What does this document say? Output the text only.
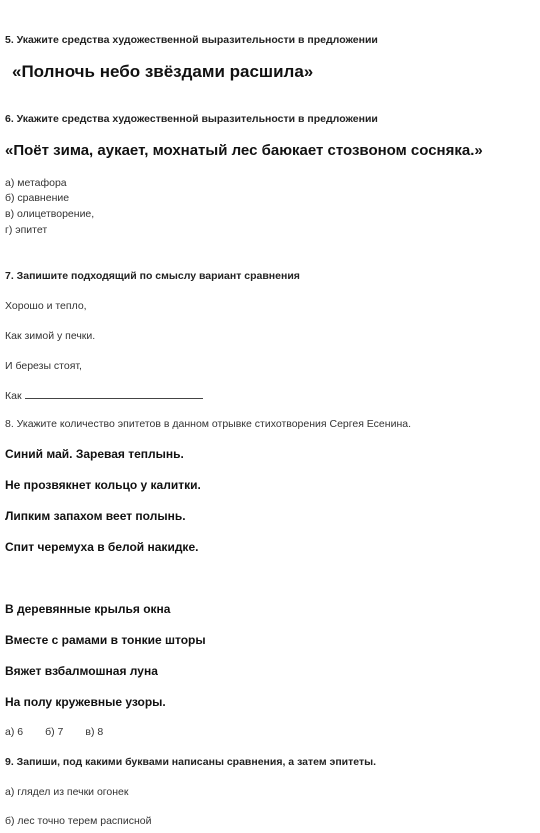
5. Укажите средства художественной выразительности в предложении
«Полночь небо звёздами расшила»
6. Укажите средства художественной выразительности в предложении
«Поёт зима, аукает, мохнатый лес баюкает стозвоном сосняка.»
а) метафора
б) сравнение
в) олицетворение,
г) эпитет
7. Запишите подходящий по смыслу вариант сравнения
Хорошо и тепло,
Как зимой у печки.
И березы стоят,
Как
8. Укажите количество эпитетов в данном отрывке стихотворения Сергея Есенина.
Синий май. Заревая теплынь.
Не прозвякнет кольцо у калитки.
Липким запахом веет полынь.
Спит черемуха в белой накидке.
В деревянные крылья окна
Вместе с рамами в тонкие шторы
Вяжет взбалмошная луна
На полу кружевные узоры.
а) 6 б) 7 в) 8
9. Запиши, под какими буквами написаны сравнения, а затем эпитеты.
а) глядел из печки огонек
б) лес точно терем расписной
